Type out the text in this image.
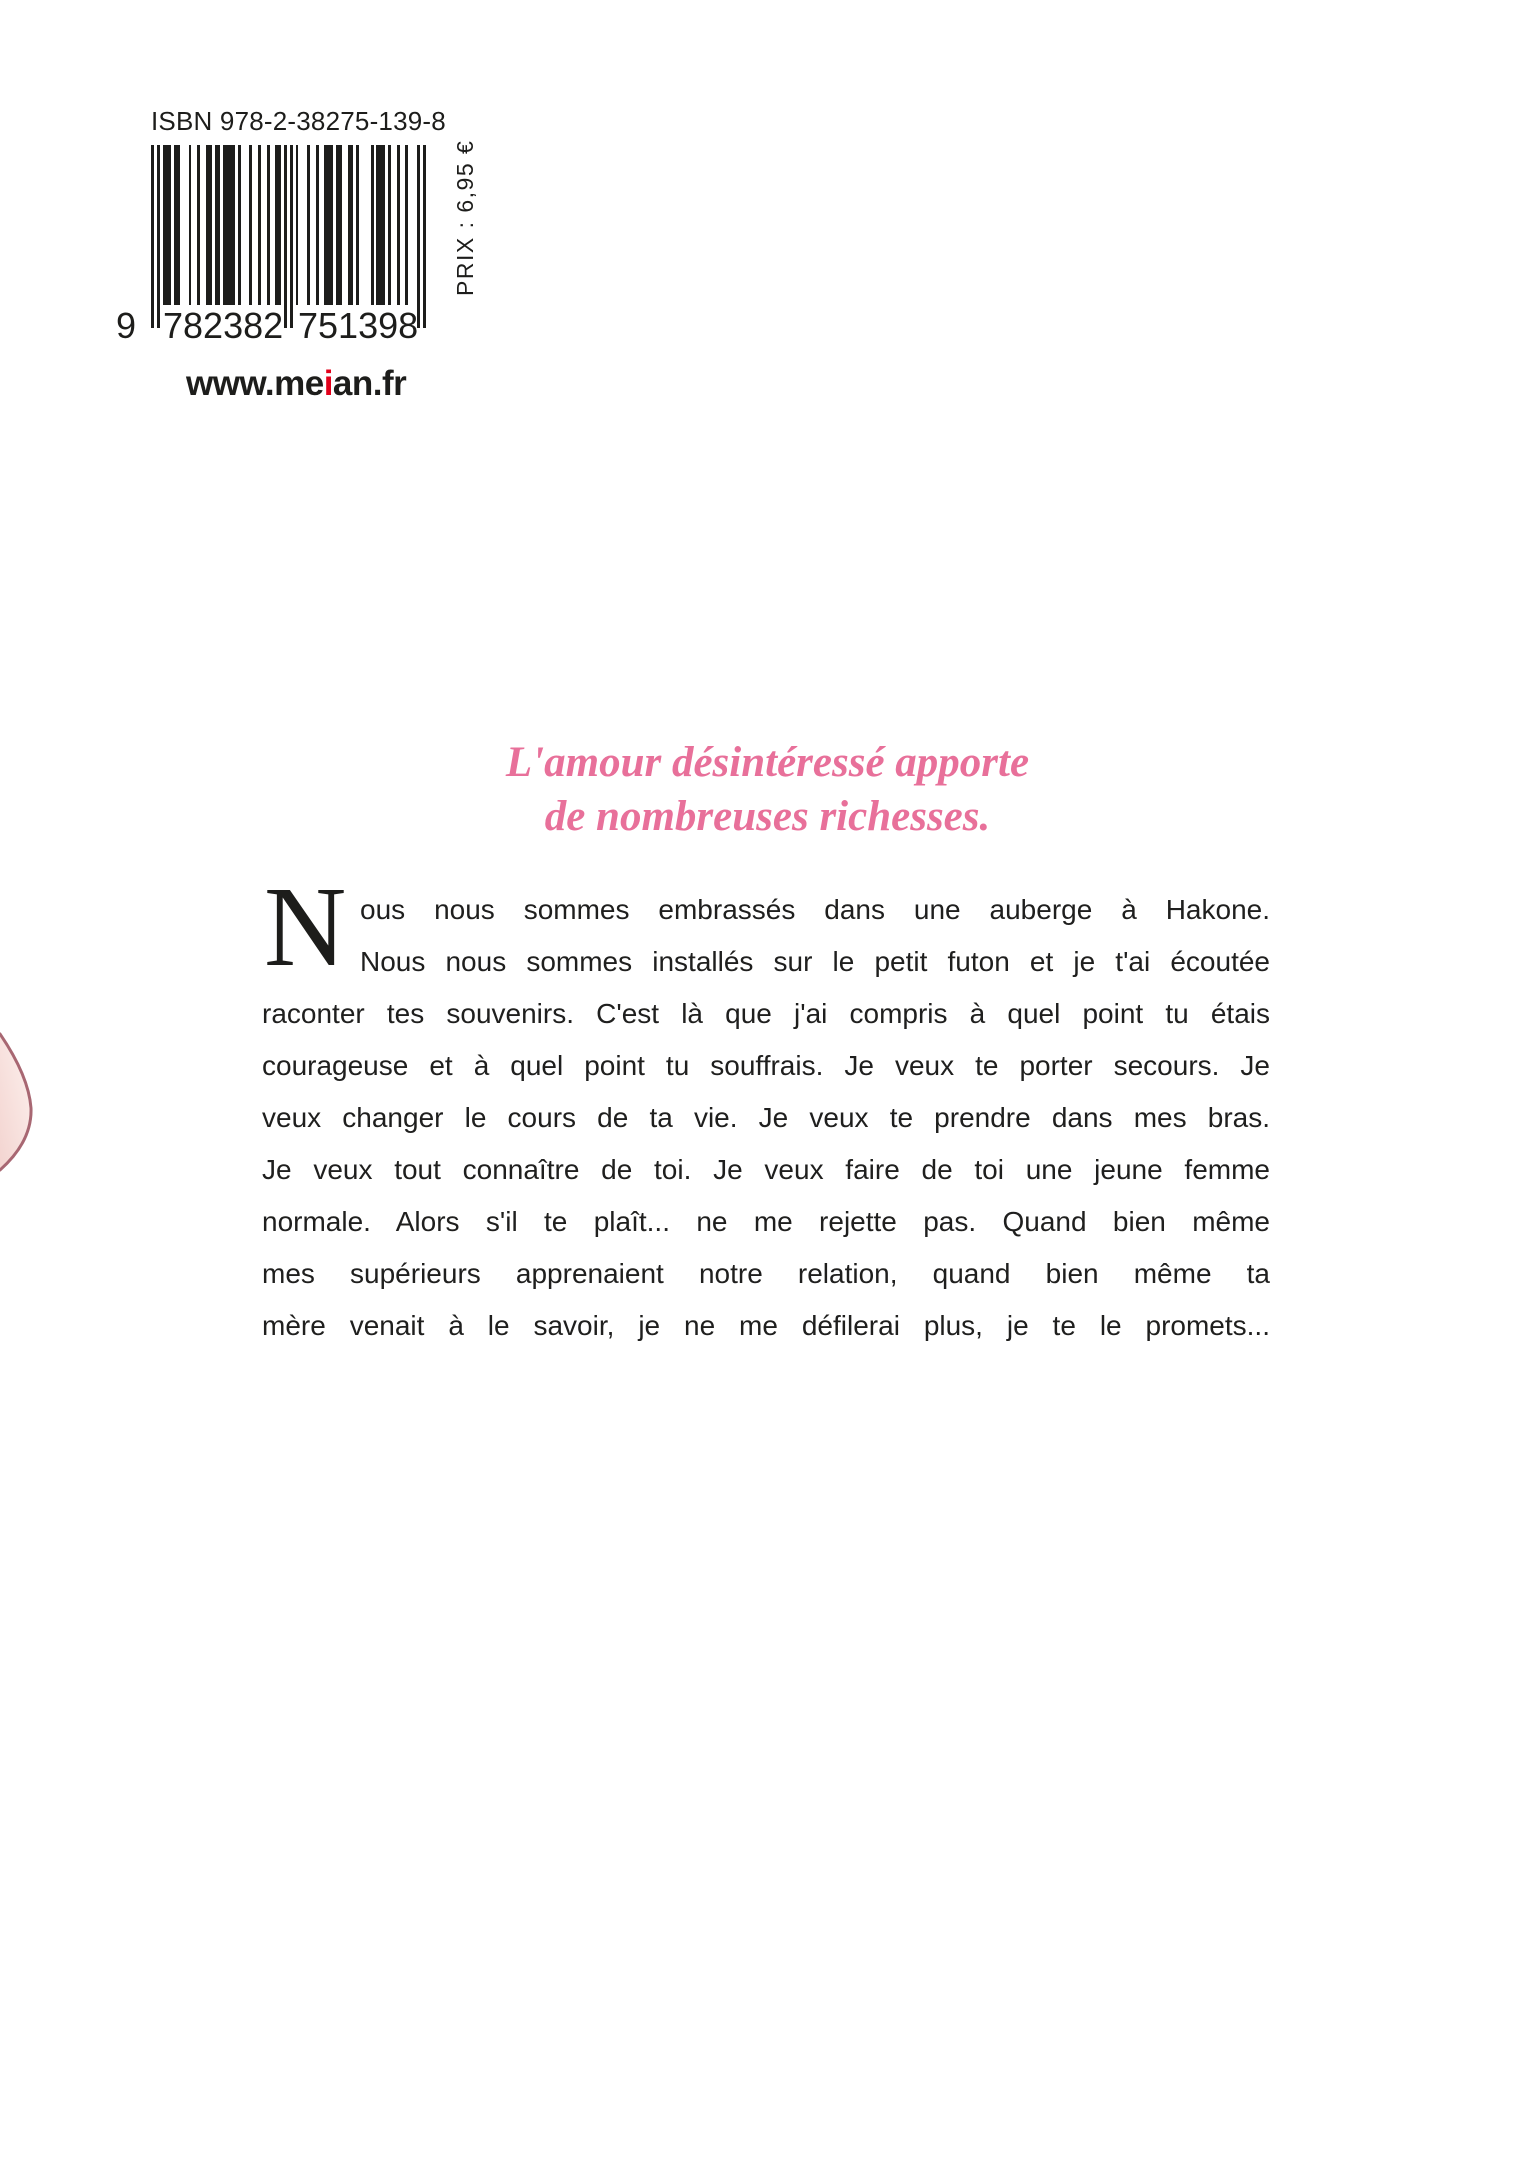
ISBN 978-2-38275-139-8
9 782382 751398
PRIX : 6,95 €
www.meian.fr
L'amour désintéressé apporte
de nombreuses richesses.
N ous nous sommes embrassés dans une auberge à Hakone.
Nous nous sommes installés sur le petit futon et je t'ai écoutée
raconter tes souvenirs. C'est là que j'ai compris à quel point tu étais
courageuse et à quel point tu souffrais. Je veux te porter secours. Je
veux changer le cours de ta vie. Je veux te prendre dans mes bras.
Je veux tout connaître de toi. Je veux faire de toi une jeune femme
normale. Alors s'il te plaît... ne me rejette pas. Quand bien même
mes supérieurs apprenaient notre relation, quand bien même ta
mère venait à le savoir, je ne me défilerai plus, je te le promets...
